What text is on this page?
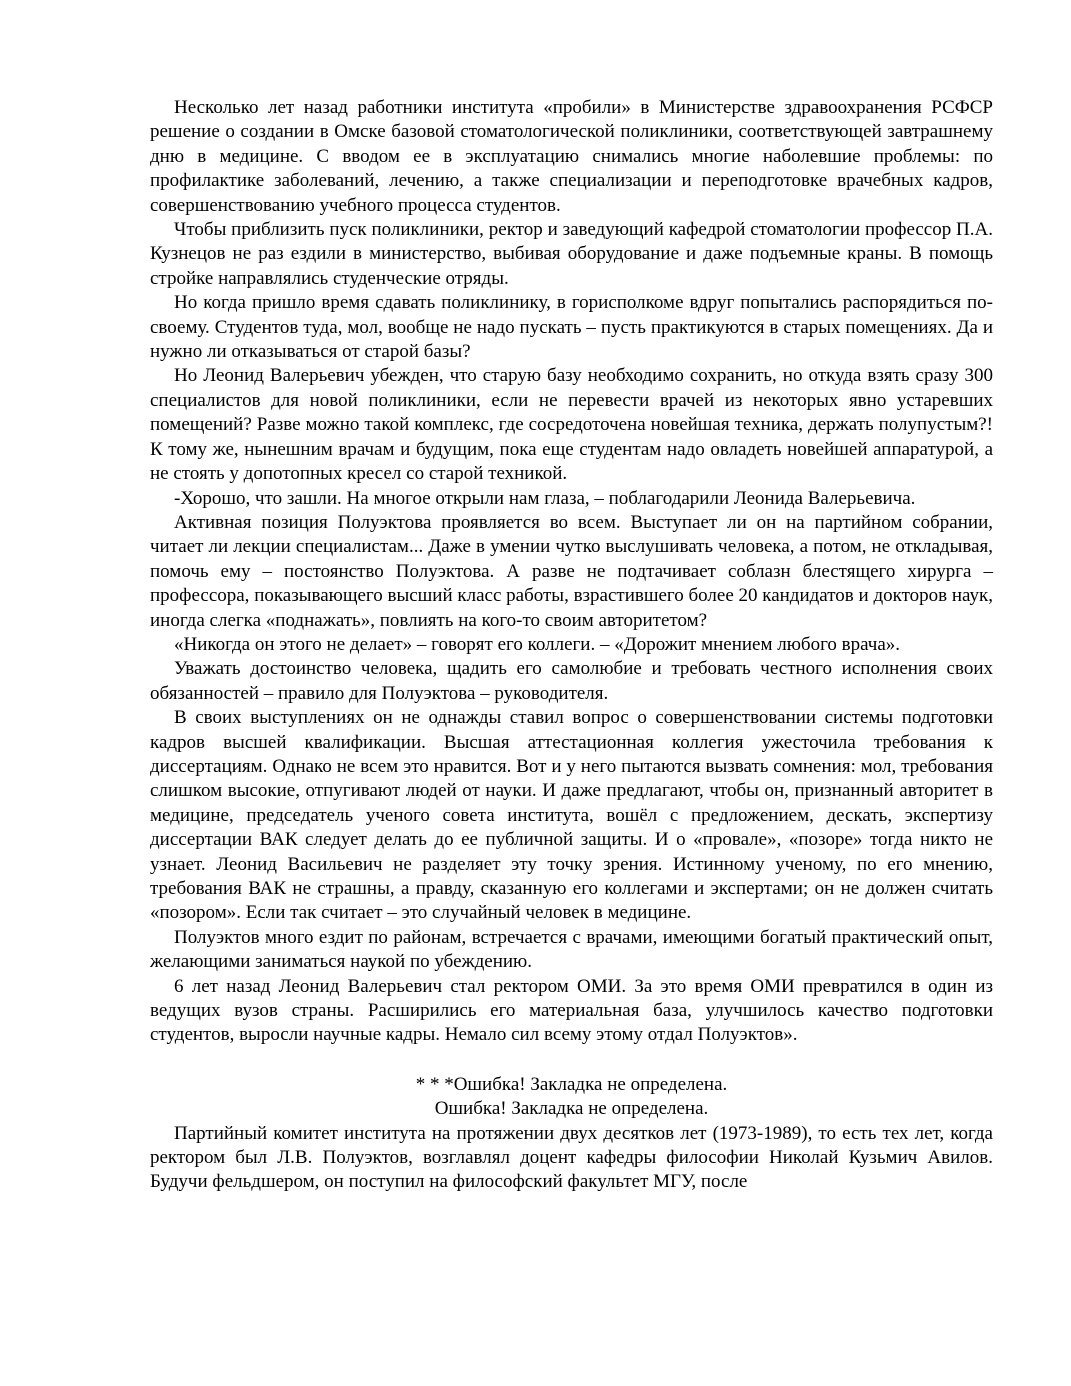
Несколько лет назад работники института «пробили» в Министерстве здравоохранения РСФСР решение о создании в Омске базовой стоматологической поликлиники, соответствующей завтрашнему дню в медицине. С вводом ее в эксплуатацию снимались многие наболевшие проблемы: по профилактике заболеваний, лечению, а также специализации и переподготовке врачебных кадров, совершенствованию учебного процесса студентов.

Чтобы приблизить пуск поликлиники, ректор и заведующий кафедрой стоматологии профессор П.А. Кузнецов не раз ездили в министерство, выбивая оборудование и даже подъемные краны. В помощь стройке направлялись студенческие отряды.

Но когда пришло время сдавать поликлинику, в горисполкоме вдруг попытались распорядиться по-своему. Студентов туда, мол, вообще не надо пускать – пусть практикуются в старых помещениях. Да и нужно ли отказываться от старой базы?

Но Леонид Валерьевич убежден, что старую базу необходимо сохранить, но откуда взять сразу 300 специалистов для новой поликлиники, если не перевести врачей из некоторых явно устаревших помещений? Разве можно такой комплекс, где сосредоточена новейшая техника, держать полупустым?! К тому же, нынешним врачам и будущим, пока еще студентам надо овладеть новейшей аппаратурой, а не стоять у допотопных кресел со старой техникой.

-Хорошо, что зашли. На многое открыли нам глаза, – поблагодарили Леонида Валерьевича.

Активная позиция Полуэктова проявляется во всем. Выступает ли он на партийном собрании, читает ли лекции специалистам... Даже в умении чутко выслушивать человека, а потом, не откладывая, помочь ему – постоянство Полуэктова. А разве не подтачивает соблазн блестящего хирурга – профессора, показывающего высший класс работы, взрастившего более 20 кандидатов и докторов наук, иногда слегка «поднажать», повлиять на кого-то своим авторитетом?

«Никогда он этого не делает» – говорят его коллеги. – «Дорожит мнением любого врача».

Уважать достоинство человека, щадить его самолюбие и требовать честного исполнения своих обязанностей – правило для Полуэктова – руководителя.

В своих выступлениях он не однажды ставил вопрос о совершенствовании системы подготовки кадров высшей квалификации. Высшая аттестационная коллегия ужесточила требования к диссертациям. Однако не всем это нравится. Вот и у него пытаются вызвать сомнения: мол, требования слишком высокие, отпугивают людей от науки. И даже предлагают, чтобы он, признанный авторитет в медицине, председатель ученого совета института, вошёл с предложением, дескать, экспертизу диссертации ВАК следует делать до ее публичной защиты. И о «провале», «позоре» тогда никто не узнает. Леонид Васильевич не разделяет эту точку зрения. Истинному ученому, по его мнению, требования ВАК не страшны, а правду, сказанную его коллегами и экспертами; он не должен считать «позором». Если так считает – это случайный человек в медицине.

Полуэктов много ездит по районам, встречается с врачами, имеющими богатый практический опыт, желающими заниматься наукой по убеждению.

6 лет назад Леонид Валерьевич стал ректором ОМИ. За это время ОМИ превратился в один из ведущих вузов страны. Расширились его материальная база, улучшилось качество подготовки студентов, выросли научные кадры. Немало сил всему этому отдал Полуэктов».

* * *Ошибка! Закладка не определена.

Ошибка! Закладка не определена.

Партийный комитет института на протяжении двух десятков лет (1973-1989), то есть тех лет, когда ректором был Л.В. Полуэктов, возглавлял доцент кафедры философии Николай Кузьмич Авилов. Будучи фельдшером, он поступил на философский факультет МГУ, после
